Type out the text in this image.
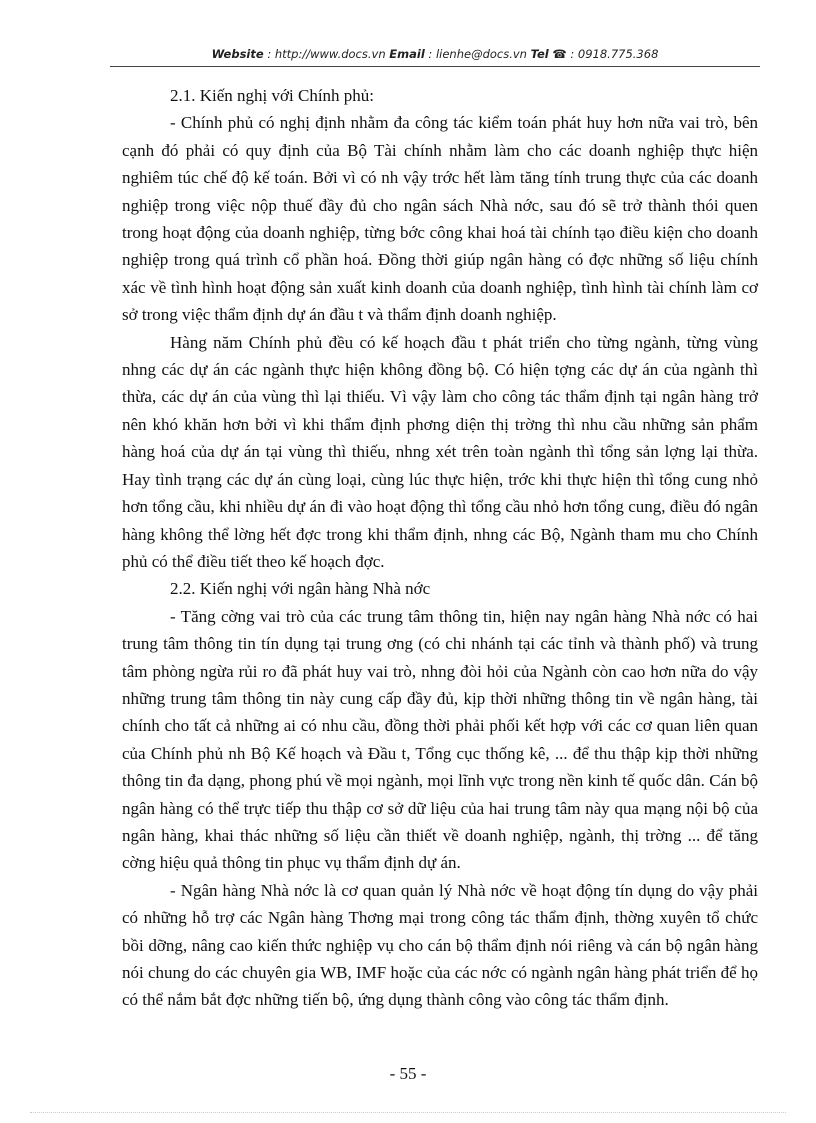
Website : http://www.docs.vn Email : lienhe@docs.vn Tel ☎ : 0918.775.368

2.1. Kiến nghị với Chính phủ:

- Chính phủ có nghị định nhằm đa công tác kiểm toán phát huy hơn nữa vai trò, bên cạnh đó phải có quy định của Bộ Tài chính nhằm làm cho các doanh nghiệp thực hiện nghiêm túc chế độ kế toán. Bởi vì có nh vậy trớc hết làm tăng tính trung thực của các doanh nghiệp trong việc nộp thuế đầy đủ cho ngân sách Nhà nớc, sau đó sẽ trở thành thói quen trong hoạt động của doanh nghiệp, từng bớc công khai hoá tài chính tạo điều kiện cho doanh nghiệp trong quá trình cổ phần hoá. Đồng thời giúp ngân hàng có đợc những số liệu chính xác về tình hình hoạt động sản xuất kinh doanh của doanh nghiệp, tình hình tài chính làm cơ sở trong việc thẩm định dự án đầu t và thẩm định doanh nghiệp.

Hàng năm Chính phủ đều có kế hoạch đầu t phát triển cho từng ngành, từng vùng nhng các dự án các ngành thực hiện không đồng bộ. Có hiện tợng các dự án của ngành thì thừa, các dự án của vùng thì lại thiếu. Vì vậy làm cho công tác thẩm định tại ngân hàng trở nên khó khăn hơn bởi vì khi thẩm định phơng diện thị trờng thì nhu cầu những sản phẩm hàng hoá của dự án tại vùng thì thiếu, nhng xét trên toàn ngành thì tổng sản lợng lại thừa. Hay tình trạng các dự án cùng loại, cùng lúc thực hiện, trớc khi thực hiện thì tổng cung nhỏ hơn tổng cầu, khi nhiều dự án đi vào hoạt động thì tổng cầu nhỏ hơn tổng cung, điều đó ngân hàng không thể lờng hết đợc trong khi thẩm định, nhng các Bộ, Ngành tham mu cho Chính phủ có thể điều tiết theo kế hoạch đợc.

2.2. Kiến nghị với ngân hàng Nhà nớc

- Tăng cờng vai trò của các trung tâm thông tin, hiện nay ngân hàng Nhà nớc có hai trung tâm thông tin tín dụng tại trung ơng (có chi nhánh tại các tỉnh và thành phố) và trung tâm phòng ngừa rủi ro đã phát huy vai trò, nhng đòi hỏi của Ngành còn cao hơn nữa do vậy những trung tâm thông tin này cung cấp đầy đủ, kịp thời những thông tin về ngân hàng, tài chính cho tất cả những ai có nhu cầu, đồng thời phải phối kết hợp với các cơ quan liên quan của Chính phủ nh Bộ Kế hoạch và Đầu t, Tổng cục thống kê, ... để thu thập kịp thời những thông tin đa dạng, phong phú về mọi ngành, mọi lĩnh vực trong nền kinh tế quốc dân. Cán bộ ngân hàng có thể trực tiếp thu thập cơ sở dữ liệu của hai trung tâm này qua mạng nội bộ của ngân hàng, khai thác những số liệu cần thiết về doanh nghiệp, ngành, thị trờng ... để tăng cờng hiệu quả thông tin phục vụ thẩm định dự án.

- Ngân hàng Nhà nớc là cơ quan quản lý Nhà nớc về hoạt động tín dụng do vậy phải có những hỗ trợ các Ngân hàng Thơng mại trong công tác thẩm định, thờng xuyên tổ chức bồi dỡng, nâng cao kiến thức nghiệp vụ cho cán bộ thẩm định nói riêng và cán bộ ngân hàng nói chung do các chuyên gia WB, IMF hoặc của các nớc có ngành ngân hàng phát triển để họ có thể nắm bắt đợc những tiến bộ, ứng dụng thành công vào công tác thẩm định.

- 55 -
